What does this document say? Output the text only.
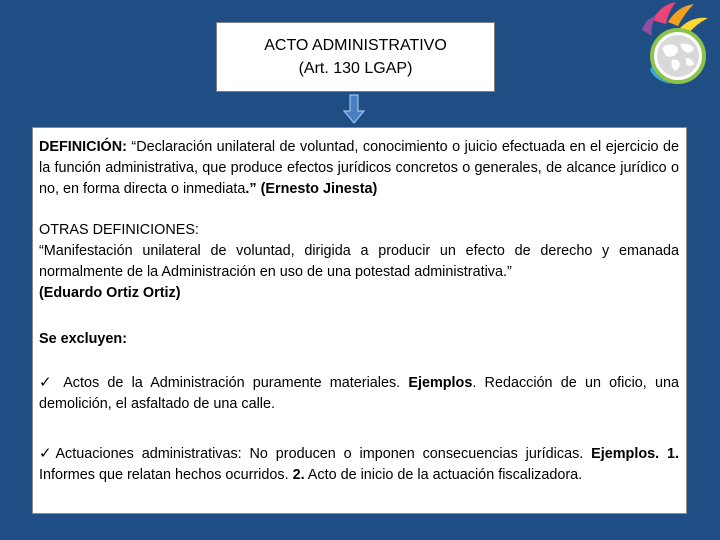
ACTO ADMINISTRATIVO
(Art. 130 LGAP)

DEFINICIÓN: “Declaración unilateral de voluntad, conocimiento o juicio efectuada en el ejercicio de la función administrativa, que produce efectos jurídicos concretos o generales, de alcance jurídico o no, en forma directa o inmediata.” (Ernesto Jinesta)

OTRAS DEFINICIONES:

“Manifestación unilateral de voluntad, dirigida a producir un efecto de derecho y emanada normalmente de la Administración en uso de una potestad administrativa.”

(Eduardo Ortiz Ortiz)

Se excluyen:

✓ Actos de la Administración puramente materiales. Ejemplos. Redacción de un oficio, una demolición, el asfaltado de una calle.

✓Actuaciones administrativas: No producen o imponen consecuencias jurídicas. Ejemplos. 1. Informes que relatan hechos ocurridos. 2. Acto de inicio de la actuación fiscalizadora.
